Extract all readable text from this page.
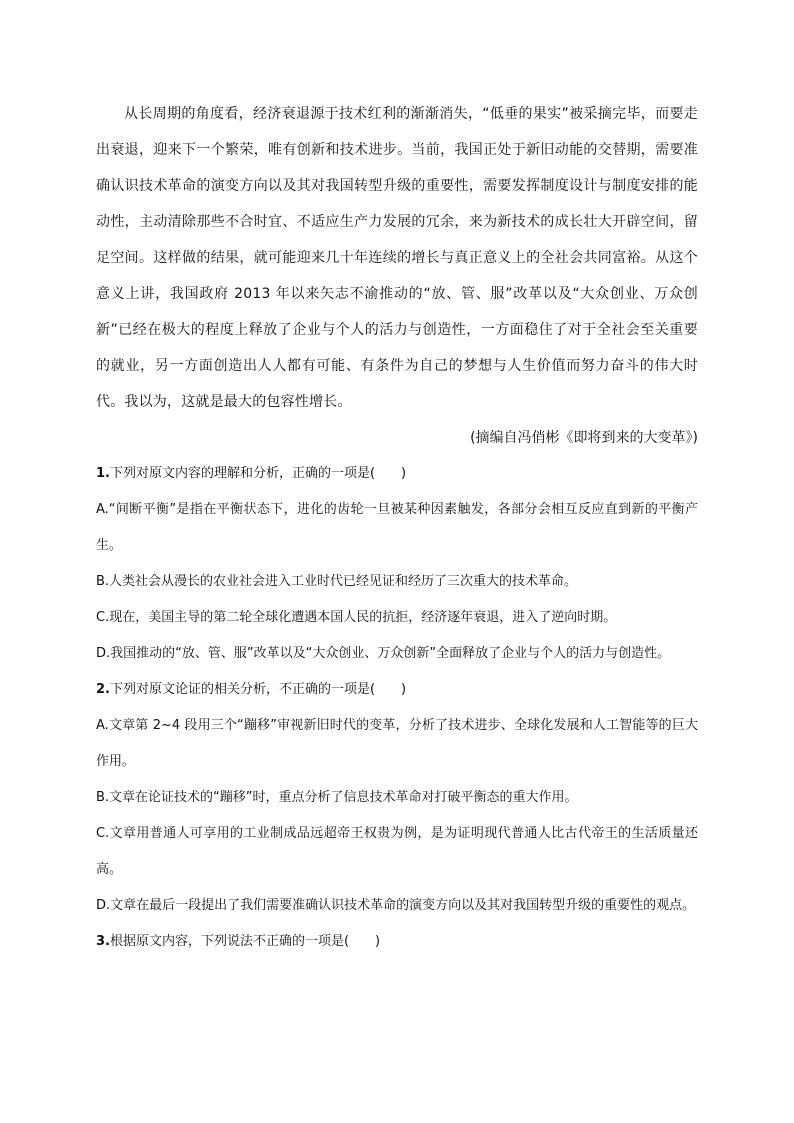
从长周期的角度看，经济衰退源于技术红利的渐渐消失，“低垂的果实”被采摘完毕，而要走出衰退，迎来下一个繁荣，唯有创新和技术进步。当前，我国正处于新旧动能的交替期，需要准确认识技术革命的演变方向以及其对我国转型升级的重要性，需要发挥制度设计与制度安排的能动性，主动清除那些不合时宜、不适应生产力发展的冗余，来为新技术的成长壮大开辟空间，留足空间。这样做的结果，就可能迎来几十年连续的增长与真正意义上的全社会共同富裕。从这个意义上讲，我国政府 2013 年以来矢志不渝推动的“放、管、服”改革以及“大众创业、万众创新”已经在极大的程度上释放了企业与个人的活力与创造性，一方面稳住了对于全社会至关重要的就业，另一方面创造出人人都有可能、有条件为自己的梦想与人生价值而努力奋斗的伟大时代。我以为，这就是最大的包容性增长。

(摘编自冯俏彬《即将到来的大变革》)

1.下列对原文内容的理解和分析，正确的一项是(　　)

A.“间断平衡”是指在平衡状态下，进化的齿轮一旦被某种因素触发，各部分会相互反应直到新的平衡产生。

B.人类社会从漫长的农业社会进入工业时代已经见证和经历了三次重大的技术革命。

C.现在，美国主导的第二轮全球化遭遇本国人民的抗拒，经济逐年衰退，进入了逆向时期。

D.我国推动的“放、管、服”改革以及“大众创业、万众创新”全面释放了企业与个人的活力与创造性。

2.下列对原文论证的相关分析，不正确的一项是(　　)

A.文章第 2~4 段用三个“蹦移”审视新旧时代的变革，分析了技术进步、全球化发展和人工智能等的巨大作用。

B.文章在论证技术的“蹦移”时，重点分析了信息技术革命对打破平衡态的重大作用。

C.文章用普通人可享用的工业制成品远超帝王权贵为例，是为证明现代普通人比古代帝王的生活质量还高。

D.文章在最后一段提出了我们需要准确认识技术革命的演变方向以及其对我国转型升级的重要性的观点。

3.根据原文内容，下列说法不正确的一项是(　　)
